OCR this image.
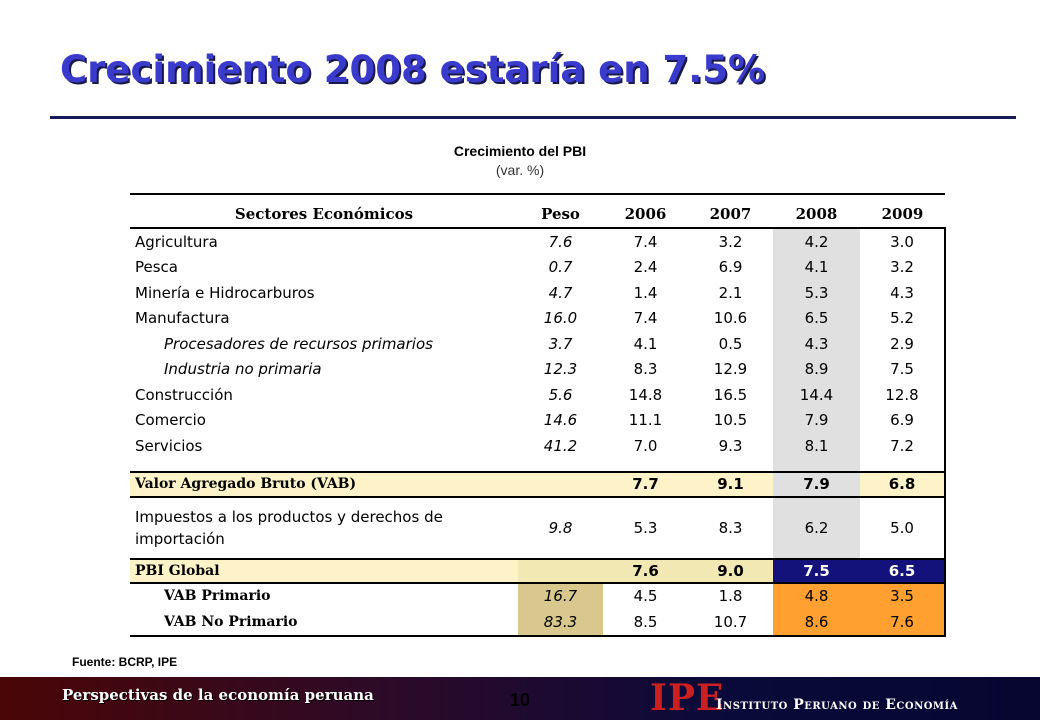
Crecimiento 2008 estaría en 7.5%
Crecimiento del PBI
(var. %)
Sectores Económicos	Peso	2006	2007	2008	2009
Agricultura	7.6	7.4	3.2	4.2	3.0
Pesca	0.7	2.4	6.9	4.1	3.2
Minería e Hidrocarburos	4.7	1.4	2.1	5.3	4.3
Manufactura	16.0	7.4	10.6	6.5	5.2
Procesadores de recursos primarios	3.7	4.1	0.5	4.3	2.9
Industria no primaria	12.3	8.3	12.9	8.9	7.5
Construcción	5.6	14.8	16.5	14.4	12.8
Comercio	14.6	11.1	10.5	7.9	6.9
Servicios	41.2	7.0	9.3	8.1	7.2

Valor Agregado Bruto (VAB)		7.7	9.1	7.9	6.8
Impuestos a los productos y derechos de importación	9.8	5.3	8.3	6.2	5.0
PBI Global		7.6	9.0	7.5	6.5
VAB Primario	16.7	4.5	1.8	4.8	3.5
VAB No Primario	83.3	8.5	10.7	8.6	7.6
Fuente: BCRP, IPE
Perspectivas de la economía peruana	10	IPE
Instituto Peruano de Economía
